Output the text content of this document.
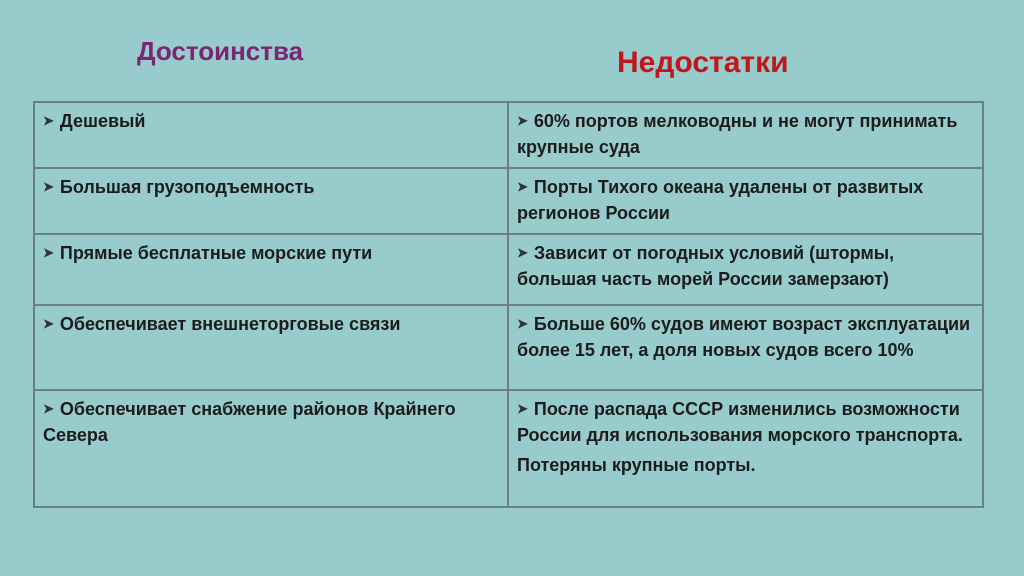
Достоинства	Недостатки
➤ Дешевый	➤ 60% портов мелководны и не могут принимать крупные суда
➤ Большая грузоподъемность	➤ Порты Тихого океана удалены от развитых регионов России
➤ Прямые бесплатные морские пути	➤ Зависит от погодных условий (штормы, большая часть морей России замерзают)
➤ Обеспечивает внешнеторговые связи	➤ Больше 60% судов имеют возраст эксплуатации более 15 лет, а доля новых судов всего 10%
➤ Обеспечивает снабжение районов Крайнего Севера	➤ После распада СССР изменились возможности России для использования морского транспорта.
Потеряны крупные порты.
